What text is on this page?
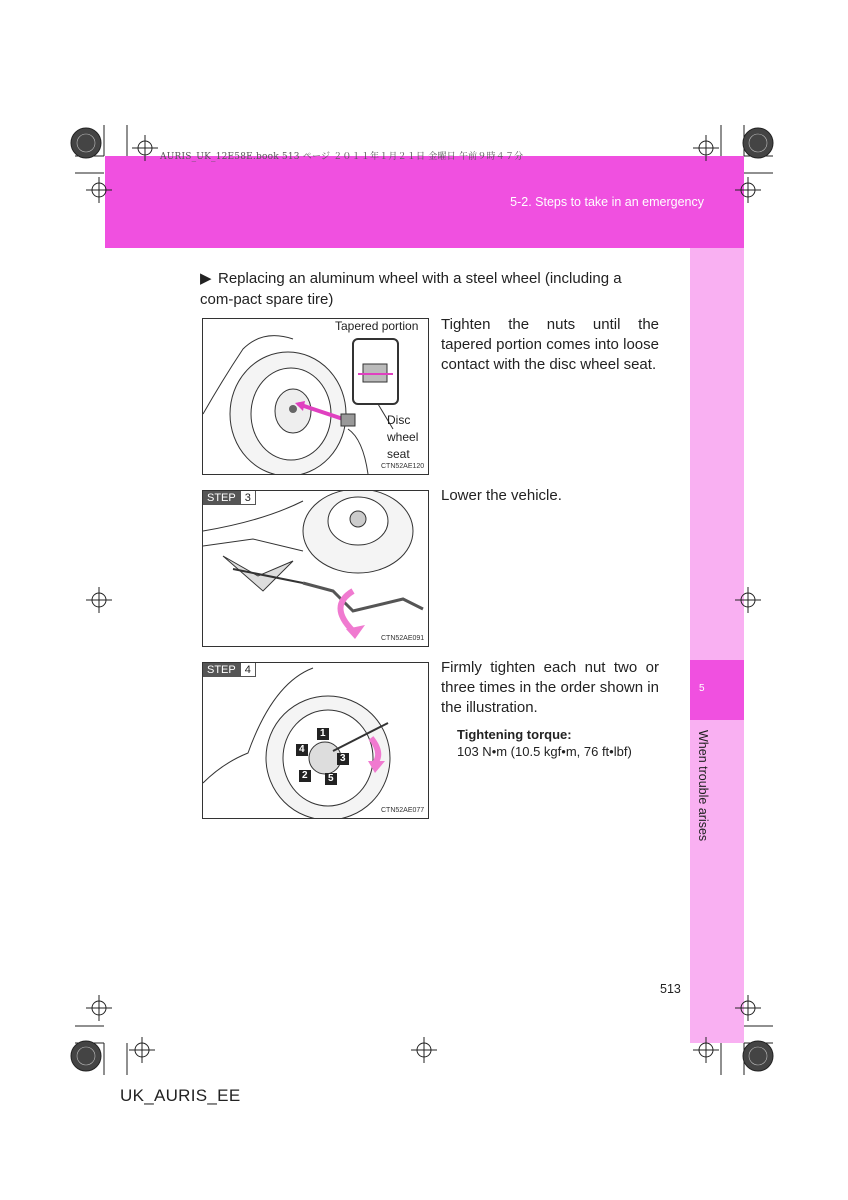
AURIS_UK_12E58E.book 513 ページ ２０１１年１月２１日 金曜日 午前９時４７分
5-2. Steps to take in an emergency
5
When trouble arises
▶ Replacing an aluminum wheel with a steel wheel (including a com-pact spare tire)
Tapered portion
Disc
wheel
seat
CTN52AE120
Tighten the nuts until the tapered portion comes into loose contact with the disc wheel seat.
STEP 3
CTN52AE091
Lower the vehicle.
STEP 4
1
2
3
4
5
CTN52AE077
Firmly tighten each nut two or three times in the order shown in the illustration.
Tightening torque:
103 N•m (10.5 kgf•m, 76 ft•lbf)
513
UK_AURIS_EE
